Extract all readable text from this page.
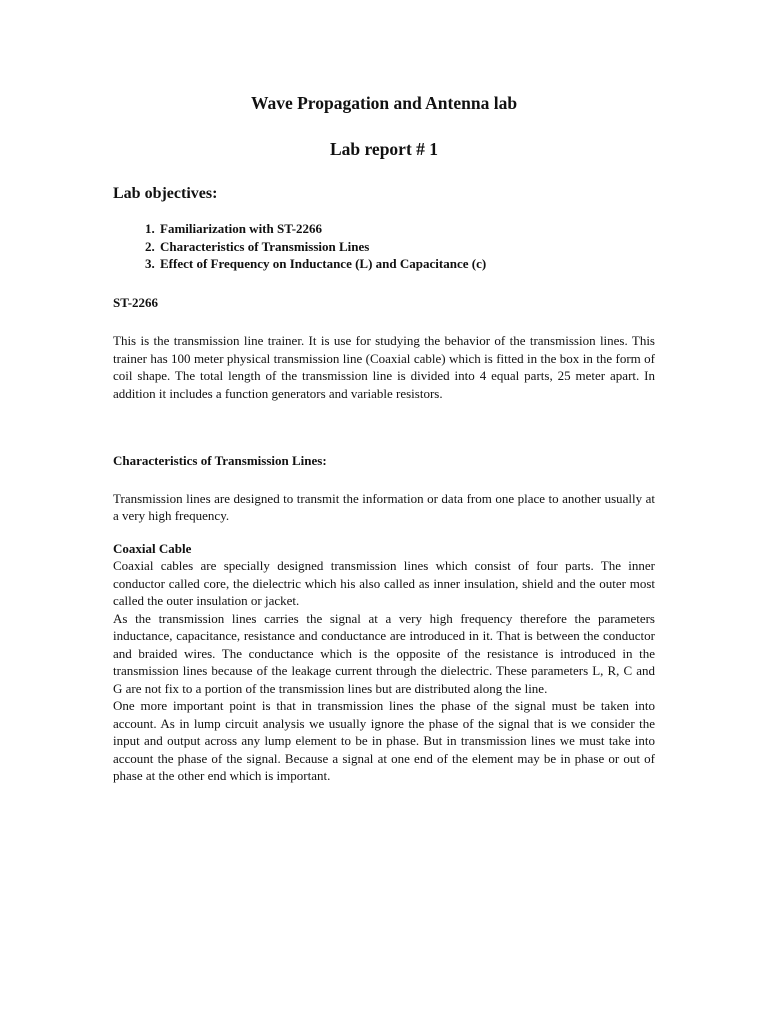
Wave Propagation and Antenna lab
Lab report # 1
Lab objectives:
1. Familiarization with ST-2266
2. Characteristics of Transmission Lines
3. Effect of Frequency on Inductance (L) and Capacitance (c)

ST-2266

This is the transmission line trainer. It is use for studying the behavior of the transmission lines. This trainer has 100 meter physical transmission line (Coaxial cable) which is fitted in the box in the form of coil shape. The total length of the transmission line is divided into 4 equal parts, 25 meter apart. In addition it includes a function generators and variable resistors.

Characteristics of Transmission Lines:

Transmission lines are designed to transmit the information or data from one place to another usually at a very high frequency.

Coaxial Cable

Coaxial cables are specially designed transmission lines which consist of four parts. The inner conductor called core, the dielectric which his also called as inner insulation, shield and the outer most called the outer insulation or jacket.

As the transmission lines carries the signal at a very high frequency therefore the parameters inductance, capacitance, resistance and conductance are introduced in it. That is between the conductor and braided wires. The conductance which is the opposite of the resistance is introduced in the transmission lines because of the leakage current through the dielectric. These parameters L, R, C and G are not fix to a portion of the transmission lines but are distributed along the line.

One more important point is that in transmission lines the phase of the signal must be taken into account. As in lump circuit analysis we usually ignore the phase of the signal that is we consider the input and output across any lump element to be in phase. But in transmission lines we must take into account the phase of the signal. Because a signal at one end of the element may be in phase or out of phase at the other end which is important.
